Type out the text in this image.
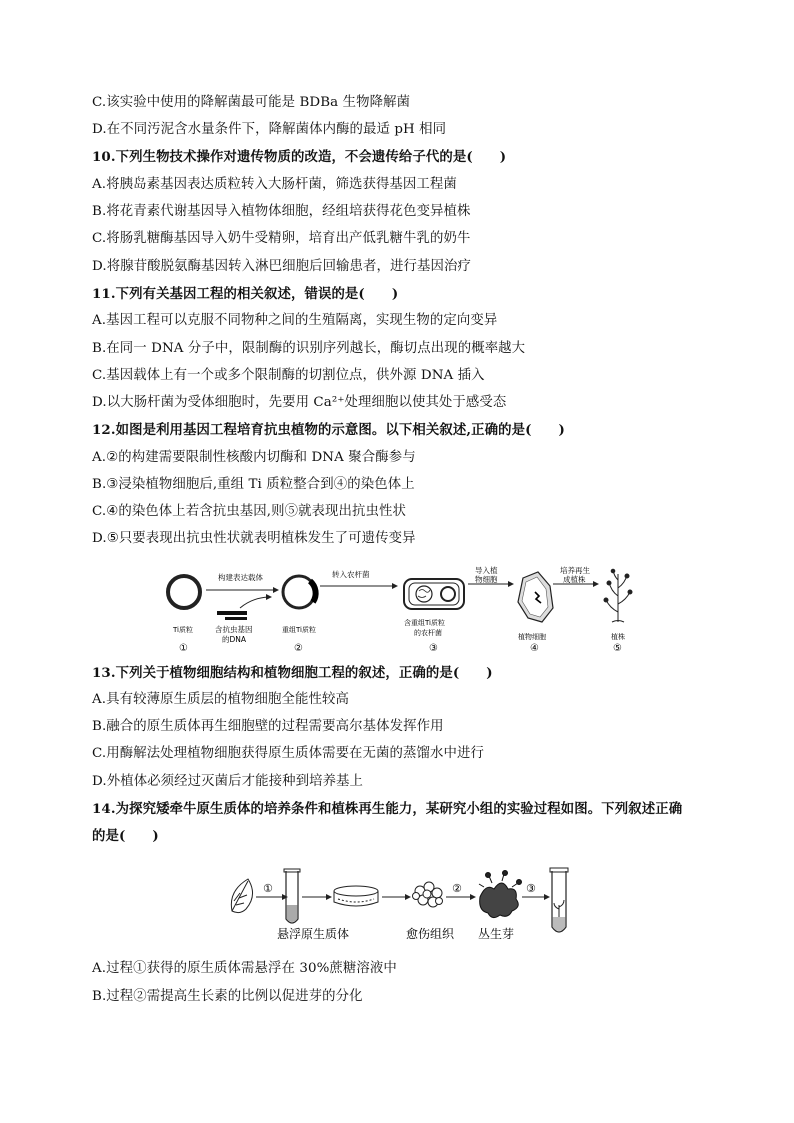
C.该实验中使用的降解菌最可能是 BDBa 生物降解菌
D.在不同汚泥含水量条件下，降解菌体内酶的最适 pH 相同
10.下列生物技术操作对遗传物质的改造，不会遗传给子代的是(　　)
A.将胰岛素基因表达质粒转入大肠杆菌，筛选获得基因工程菌
B.将花青素代谢基因导入植物体细胞，经组培获得花色变异植株
C.将肠乳糖酶基因导入奶牛受精卵，培育出产低乳糖牛乳的奶牛
D.将腺苷酸脱氨酶基因转入淋巴细胞后回输患者，进行基因治疗
11.下列有关基因工程的相关叙述，错误的是(　　)
A.基因工程可以克服不同物种之间的生殖隔离，实现生物的定向变异
B.在同一 DNA 分子中，限制酶的识别序列越长，酶切点出现的概率越大
C.基因载体上有一个或多个限制酶的切割位点，供外源 DNA 插入
D.以大肠杆菌为受体细胞时，先要用 Ca²⁺处理细胞以使其处于感受态
12.如图是利用基因工程培育抗虫植物的示意图。以下相关叙述,正确的是(　　)
A.②的构建需要限制性核酸内切酶和 DNA 聚合酶参与
B.③浸染植物细胞后,重组 Ti 质粒整合到④的染色体上
C.④的染色体上若含抗虫基因,则⑤就表现出抗虫性状
D.⑤只要表现出抗虫性状就表明植株发生了可遗传变异
Ti质粒
①
构建表达载体
含抗虫基因
的DNA
重组Ti质粒
②
转入农杆菌
含重组Ti质粒
的农杆菌
③
导入植
物细胞
植物细胞
④
培养再生
成植株
植株
⑤
13.下列关于植物细胞结构和植物细胞工程的叙述，正确的是(　　)
A.具有较薄原生质层的植物细胞全能性较高
B.融合的原生质体再生细胞壁的过程需要高尔基体发挥作用
C.用酶解法处理植物细胞获得原生质体需要在无菌的蒸馏水中进行
D.外植体必须经过灭菌后才能接种到培养基上
14.为探究矮牵牛原生质体的培养条件和植株再生能力，某研究小组的实验过程如图。下列叙述正确
的是(　　)
①	②	③
悬浮原生质体	愈伤组织 丛生芽
A.过程①获得的原生质体需悬浮在 30%蔗糖溶液中
B.过程②需提高生长素的比例以促进芽的分化
